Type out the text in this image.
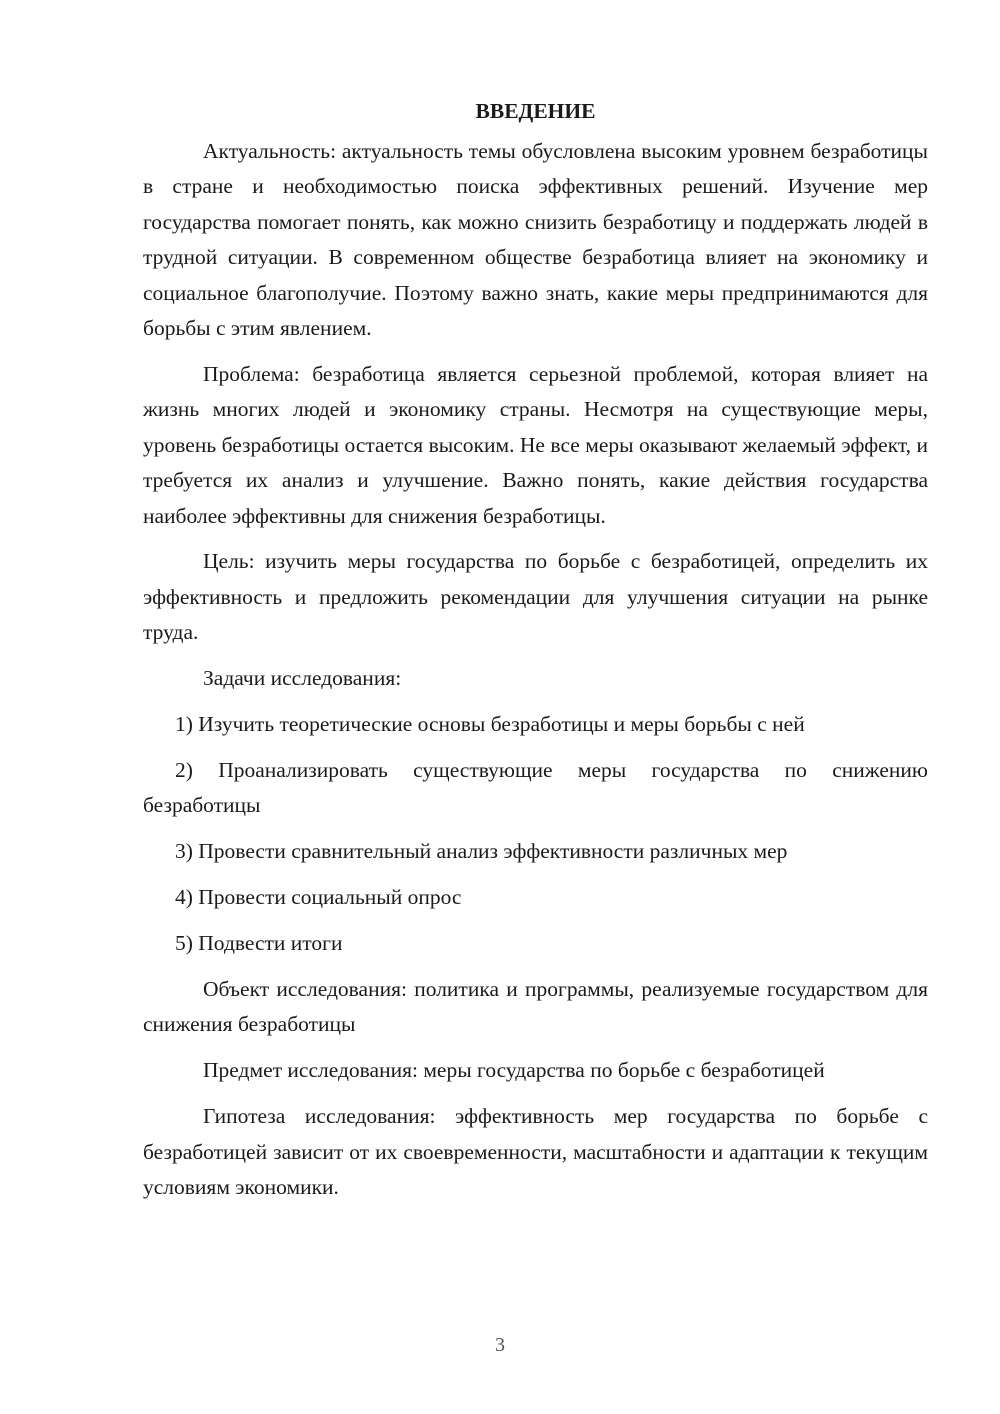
ВВЕДЕНИЕ

Актуальность: актуальность темы обусловлена высоким уровнем безработицы в стране и необходимостью поиска эффективных решений. Изучение мер государства помогает понять, как можно снизить безработицу и поддержать людей в трудной ситуации. В современном обществе безработица влияет на экономику и социальное благополучие. Поэтому важно знать, какие меры предпринимаются для борьбы с этим явлением.

Проблема: безработица является серьезной проблемой, которая влияет на жизнь многих людей и экономику страны. Несмотря на существующие меры, уровень безработицы остается высоким. Не все меры оказывают желаемый эффект, и требуется их анализ и улучшение. Важно понять, какие действия государства наиболее эффективны для снижения безработицы.

Цель: изучить меры государства по борьбе с безработицей, определить их эффективность и предложить рекомендации для улучшения ситуации на рынке труда.

Задачи исследования:

1) Изучить теоретические основы безработицы и меры борьбы с ней

2) Проанализировать существующие меры государства по снижению безработицы

3) Провести сравнительный анализ эффективности различных мер

4) Провести социальный опрос

5) Подвести итоги

Объект исследования: политика и программы, реализуемые государством для снижения безработицы

Предмет исследования: меры государства по борьбе с безработицей

Гипотеза исследования: эффективность мер государства по борьбе с безработицей зависит от их своевременности, масштабности и адаптации к текущим условиям экономики.

3
